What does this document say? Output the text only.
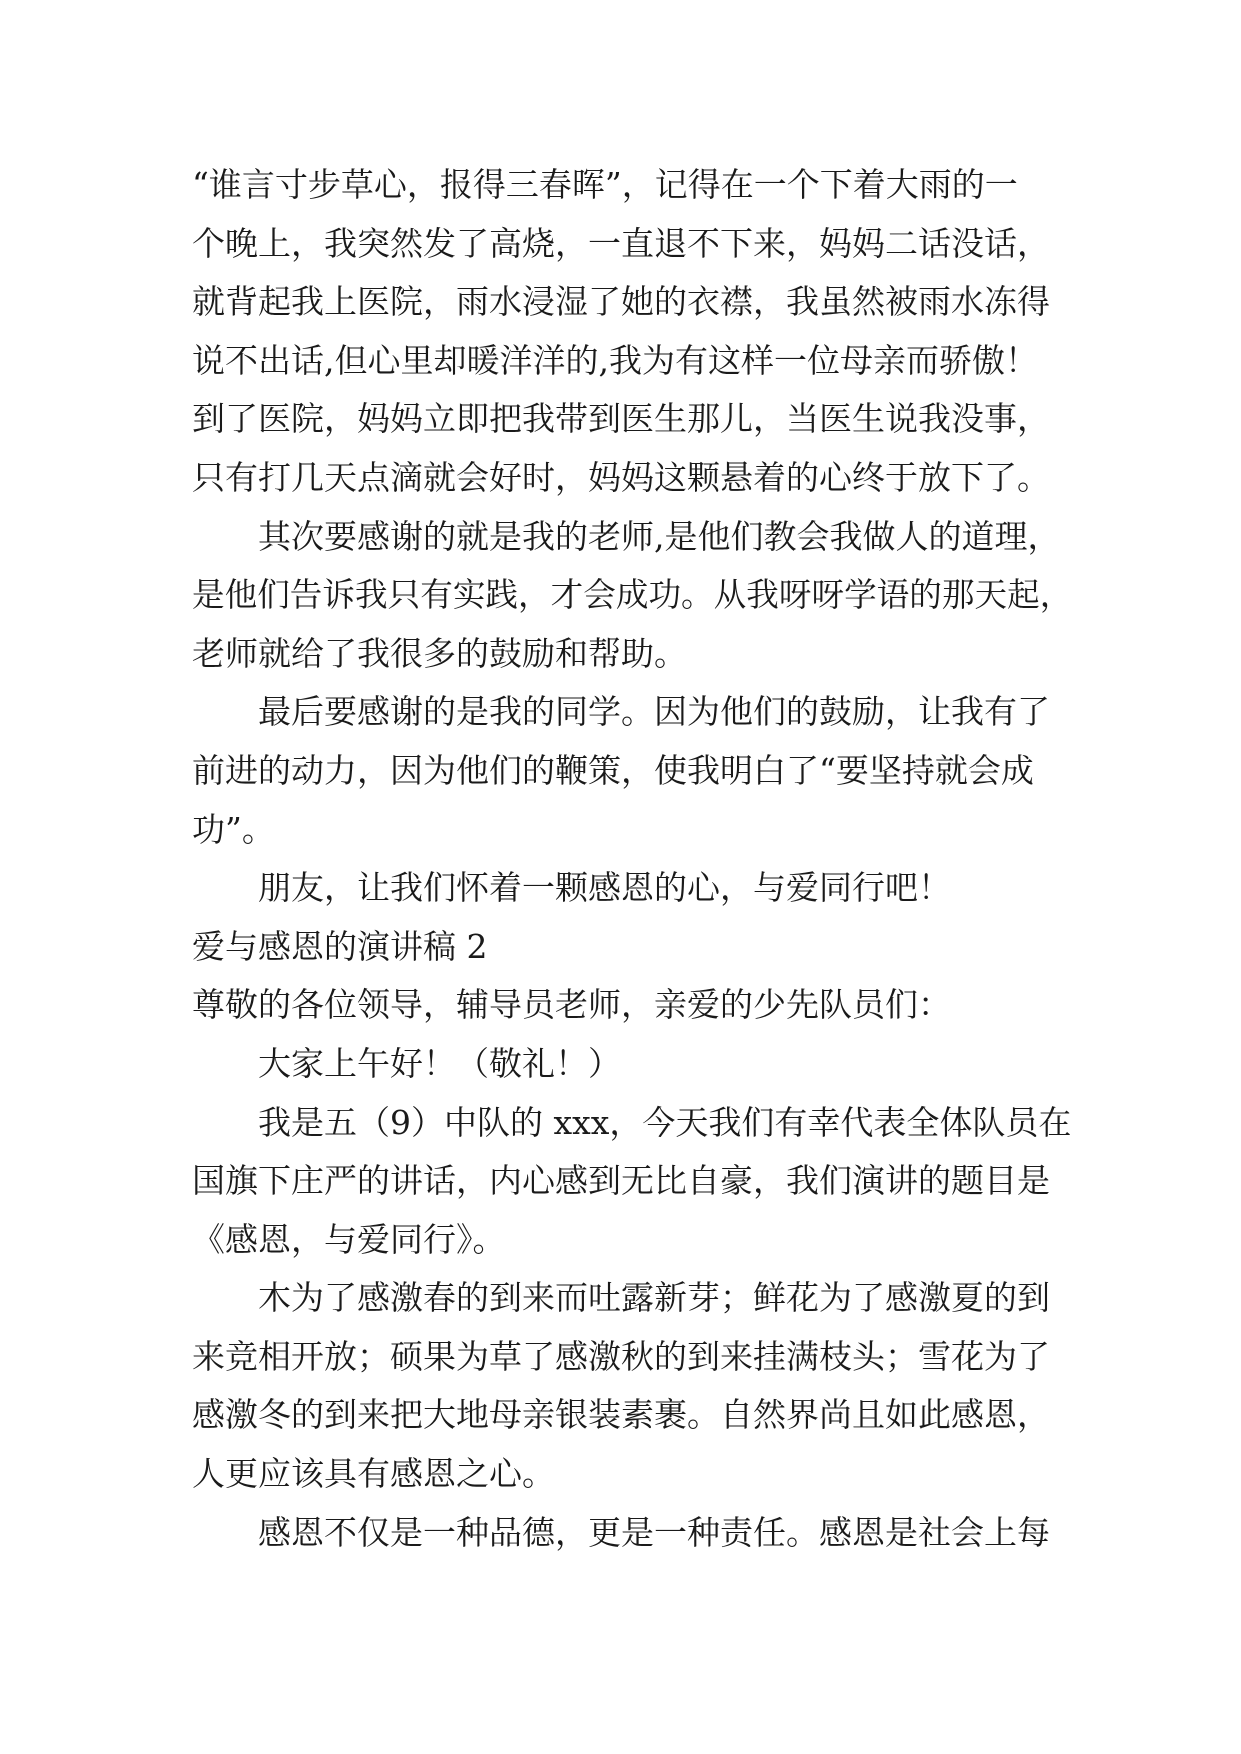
“谁言寸步草心，报得三春晖”，记得在一个下着大雨的一
个晚上，我突然发了高烧，一直退不下来，妈妈二话没话，
就背起我上医院，雨水浸湿了她的衣襟，我虽然被雨水冻得
说不出话,但心里却暖洋洋的,我为有这样一位母亲而骄傲！
到了医院，妈妈立即把我带到医生那儿，当医生说我没事，
只有打几天点滴就会好时，妈妈这颗悬着的心终于放下了。
其次要感谢的就是我的老师,是他们教会我做人的道理，
是他们告诉我只有实践，才会成功。从我呀呀学语的那天起，
老师就给了我很多的鼓励和帮助。
最后要感谢的是我的同学。因为他们的鼓励，让我有了
前进的动力，因为他们的鞭策，使我明白了“要坚持就会成
功”。
朋友，让我们怀着一颗感恩的心，与爱同行吧！
爱与感恩的演讲稿 2
尊敬的各位领导，辅导员老师，亲爱的少先队员们：
大家上午好！（敬礼！）
我是五（9）中队的 xxx，今天我们有幸代表全体队员在
国旗下庄严的讲话，内心感到无比自豪，我们演讲的题目是
《感恩，与爱同行》。
木为了感激春的到来而吐露新芽；鲜花为了感激夏的到
来竞相开放；硕果为草了感激秋的到来挂满枝头；雪花为了
感激冬的到来把大地母亲银装素裹。自然界尚且如此感恩，
人更应该具有感恩之心。
感恩不仅是一种品德，更是一种责任。感恩是社会上每
